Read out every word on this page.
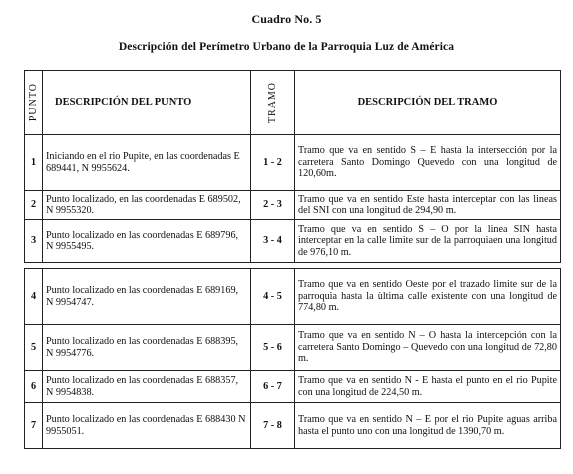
Cuadro No. 5
Descripción del Perímetro Urbano de la Parroquia Luz de América
PUNTO	DESCRIPCIÓN DEL PUNTO	TRAMO	DESCRIPCIÓN DEL TRAMO
1	Iniciando en el rio Pupite, en las coordenadas E 689441, N 9955624.	1 - 2	Tramo que va en sentido S – E hasta la intersección por la carretera Santo Domingo Quevedo con una longitud de 120,60m.
2	Punto localizado, en las coordenadas E 689502, N 9955320.	2 - 3	Tramo que va en sentido Este hasta interceptar con las lineas del SNI con una longitud de 294,90 m.
3	Punto localizado en las coordenadas E 689796, N 9955495.	3 - 4	Tramo que va en sentido S – O por la linea SIN hasta interceptar en la calle limite sur de la parroquiaen una longitud de 976,10 m.
4	Punto localizado en las coordenadas E 689169, N 9954747.	4 - 5	Tramo que va en sentido Oeste por el trazado limite sur de la parroquia hasta la ùltima calle existente con una longitud de 774,80 m.
5	Punto localizado en las coordenadas E 688395, N 9954776.	5 - 6	Tramo que va en sentido N – O hasta la intercepción con la carretera Santo Domingo – Quevedo con una longitud de 72,80 m.
6	Punto localizado en las coordenadas E 688357, N 9954838.	6 - 7	Tramo que va en sentido N - E hasta el punto en el rio Pupite con una longitud de 224,50 m.
7	Punto localizado en las coordenadas E 688430 N 9955051.	7 - 8	Tramo que va en sentido N – E por el rio Pupite aguas arriba hasta el punto uno con una longitud de 1390,70 m.
